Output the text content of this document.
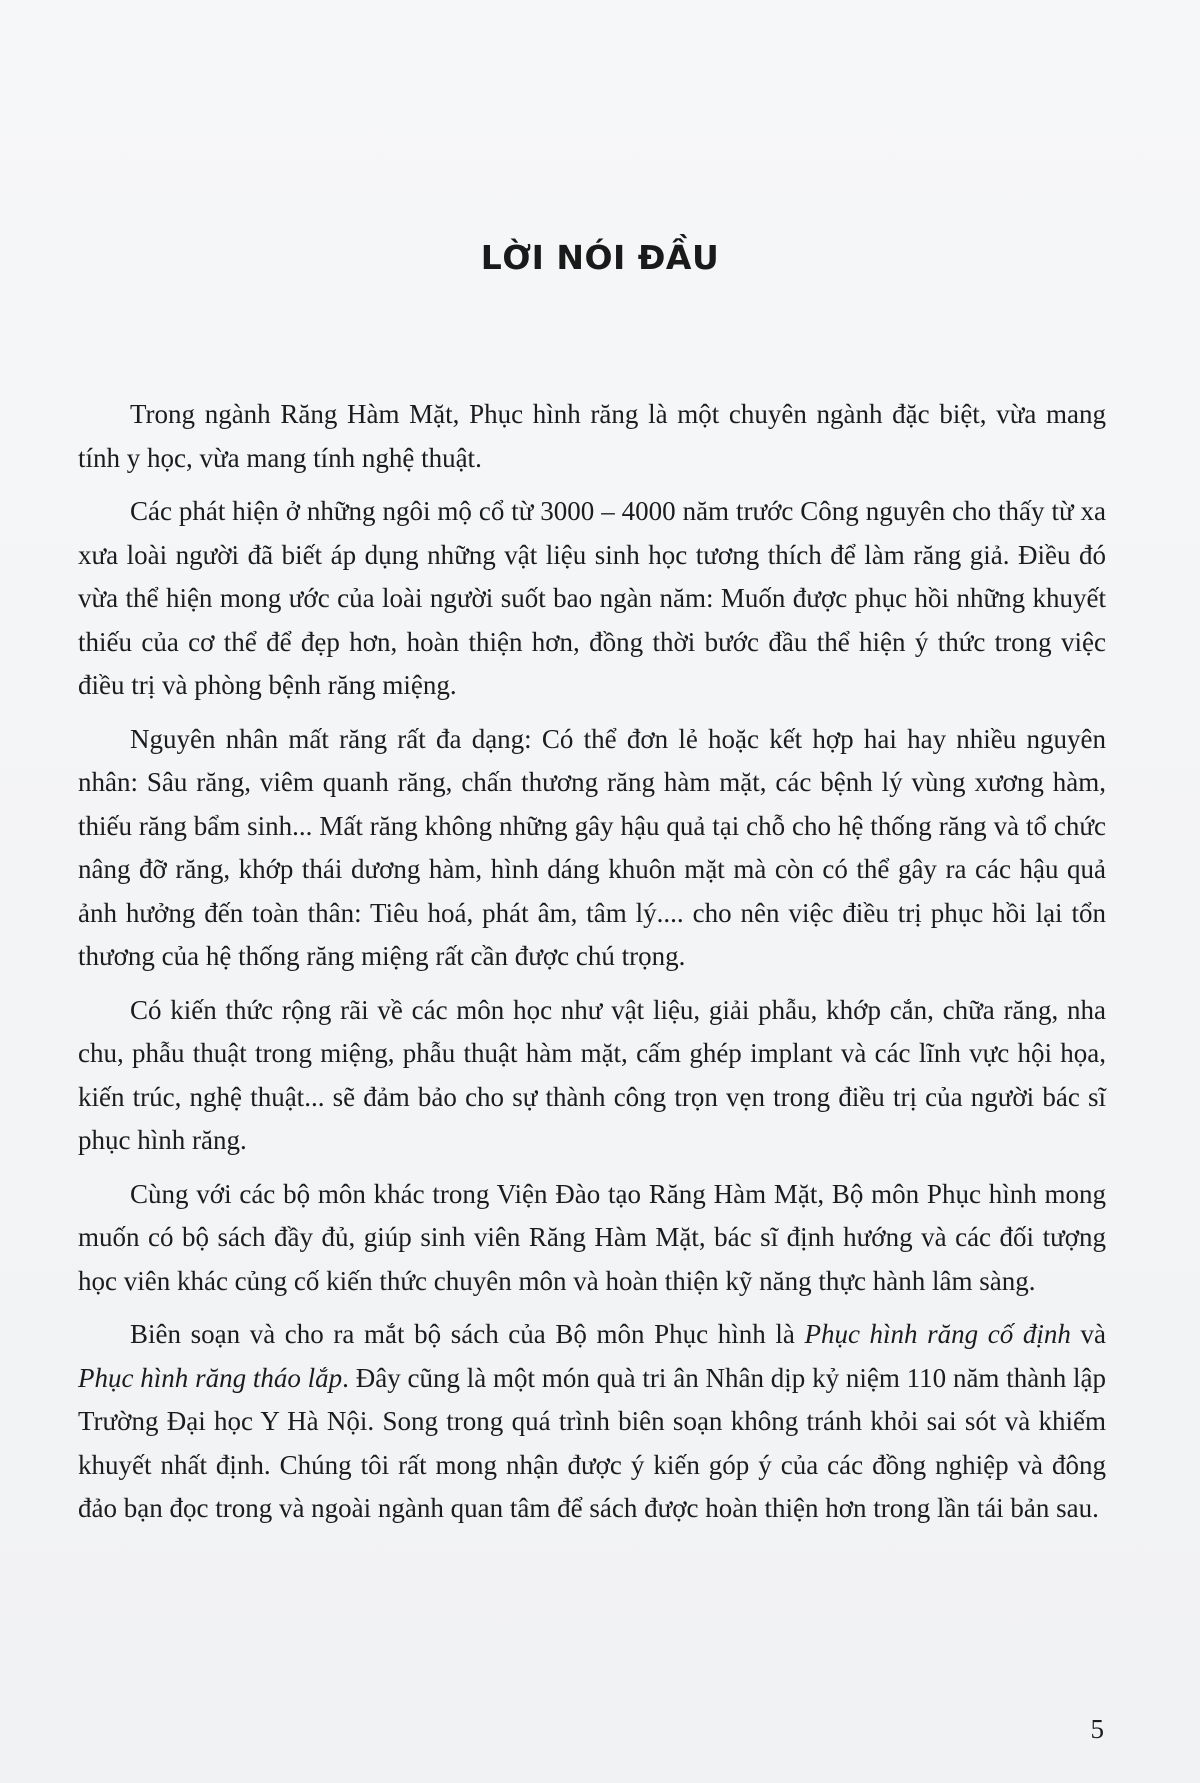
LỜI NÓI ĐẦU

Trong ngành Răng Hàm Mặt, Phục hình răng là một chuyên ngành đặc biệt, vừa mang tính y học, vừa mang tính nghệ thuật.

Các phát hiện ở những ngôi mộ cổ từ 3000 – 4000 năm trước Công nguyên cho thấy từ xa xưa loài người đã biết áp dụng những vật liệu sinh học tương thích để làm răng giả. Điều đó vừa thể hiện mong ước của loài người suốt bao ngàn năm: Muốn được phục hồi những khuyết thiếu của cơ thể để đẹp hơn, hoàn thiện hơn, đồng thời bước đầu thể hiện ý thức trong việc điều trị và phòng bệnh răng miệng.

Nguyên nhân mất răng rất đa dạng: Có thể đơn lẻ hoặc kết hợp hai hay nhiều nguyên nhân: Sâu răng, viêm quanh răng, chấn thương răng hàm mặt, các bệnh lý vùng xương hàm, thiếu răng bẩm sinh... Mất răng không những gây hậu quả tại chỗ cho hệ thống răng và tổ chức nâng đỡ răng, khớp thái dương hàm, hình dáng khuôn mặt mà còn có thể gây ra các hậu quả ảnh hưởng đến toàn thân: Tiêu hoá, phát âm, tâm lý.... cho nên việc điều trị phục hồi lại tổn thương của hệ thống răng miệng rất cần được chú trọng.

Có kiến thức rộng rãi về các môn học như vật liệu, giải phẫu, khớp cắn, chữa răng, nha chu, phẫu thuật trong miệng, phẫu thuật hàm mặt, cấm ghép implant và các lĩnh vực hội họa, kiến trúc, nghệ thuật... sẽ đảm bảo cho sự thành công trọn vẹn trong điều trị của người bác sĩ phục hình răng.

Cùng với các bộ môn khác trong Viện Đào tạo Răng Hàm Mặt, Bộ môn Phục hình mong muốn có bộ sách đầy đủ, giúp sinh viên Răng Hàm Mặt, bác sĩ định hướng và các đối tượng học viên khác củng cố kiến thức chuyên môn và hoàn thiện kỹ năng thực hành lâm sàng.

Biên soạn và cho ra mắt bộ sách của Bộ môn Phục hình là Phục hình răng cố định và Phục hình răng tháo lắp. Đây cũng là một món quà tri ân Nhân dịp kỷ niệm 110 năm thành lập Trường Đại học Y Hà Nội. Song trong quá trình biên soạn không tránh khỏi sai sót và khiếm khuyết nhất định. Chúng tôi rất mong nhận được ý kiến góp ý của các đồng nghiệp và đông đảo bạn đọc trong và ngoài ngành quan tâm để sách được hoàn thiện hơn trong lần tái bản sau.

5
